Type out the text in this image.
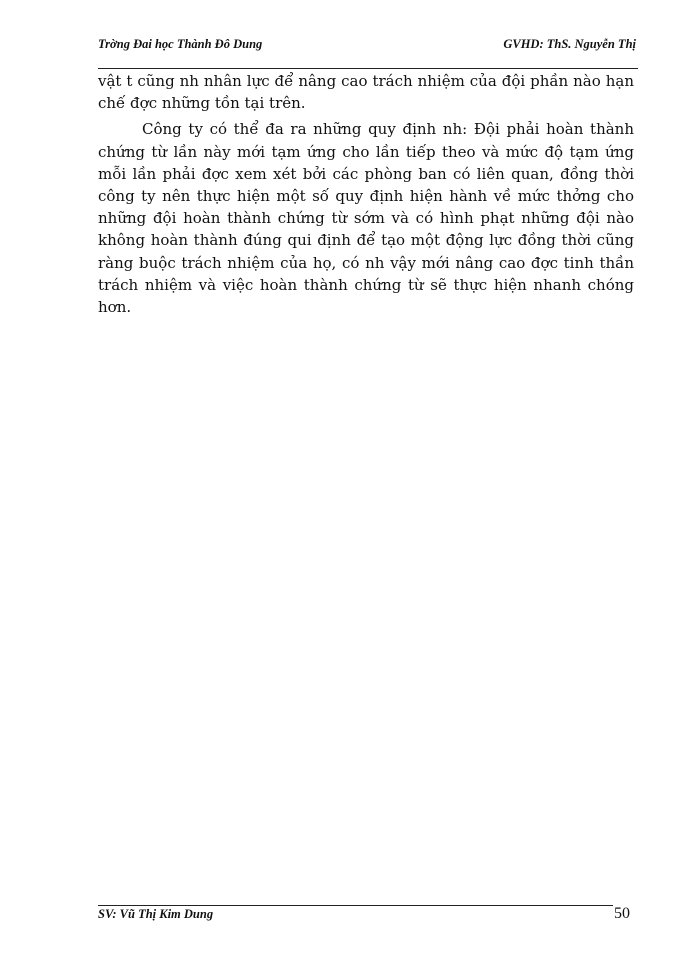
Trờng Đai học Thành Đô Dung	GVHD: ThS. Nguyễn Thị

vật t cũng nh nhân lực để nâng cao trách nhiệm của đội phần nào hạn chế đợc những tồn tại trên.

Công ty có thể đa ra những quy định nh: Đội phải hoàn thành chứng từ lần này mới tạm ứng cho lần tiếp theo và mức độ tạm ứng mỗi lần phải đợc xem xét bởi các phòng ban có liên quan, đồng thời công ty nên thực hiện một số quy định hiện hành về mức thởng cho những đội hoàn thành chứng từ sớm và có hình phạt những đội nào không hoàn thành đúng qui định để tạo một động lực đồng thời cũng ràng buộc trách nhiệm của họ, có nh vậy mới nâng cao đợc tinh thần trách nhiệm và việc hoàn thành chứng từ sẽ thực hiện nhanh chóng hơn.

SV: Vũ Thị Kim Dung	50
